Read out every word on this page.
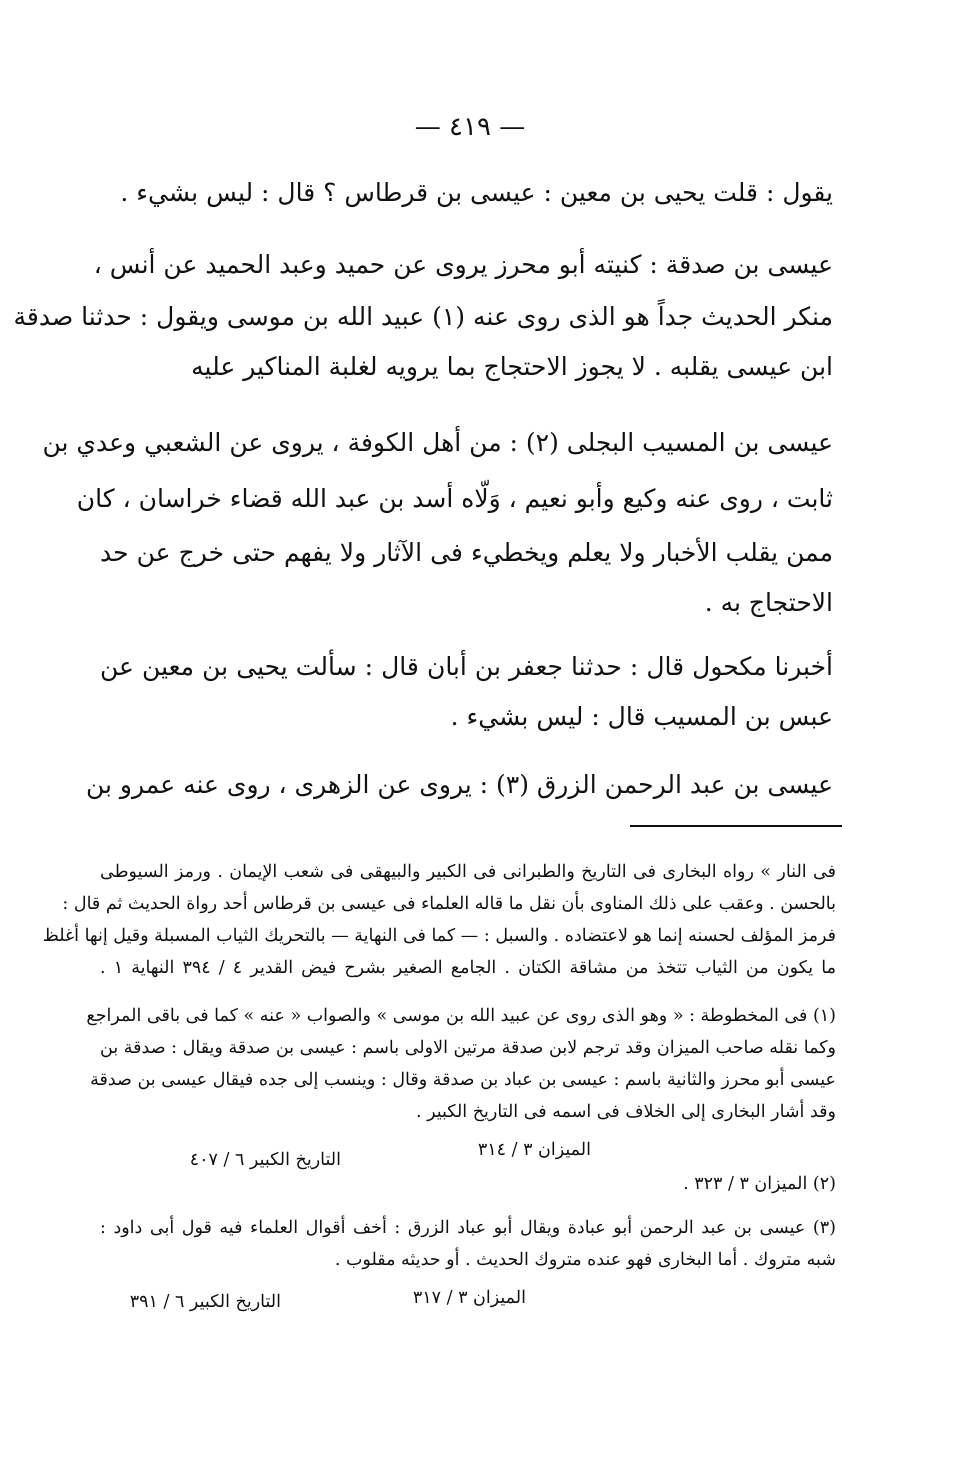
— ٤١٩ —
يقول : قلت يحيى بن معين : عيسى بن قرطاس ؟ قال : ليس بشيء .
عيسى بن صدقة : كنيته أبو محرز يروى عن حميد وعبد الحميد عن أنس ،
منكر الحديث جداً هو الذى روى عنه (١) عبيد الله بن موسى ويقول : حدثنا صدقة
ابن عيسى يقلبه . لا يجوز الاحتجاج بما يرويه لغلبة المناكير عليه
عيسى بن المسيب البجلى (٢) : من أهل الكوفة ، يروى عن الشعبي وعدي بن
ثابت ، روى عنه وكيع وأبو نعيم ، وَلّاه أسد بن عبد الله قضاء خراسان ، كان
ممن يقلب الأخبار ولا يعلم ويخطيء فى الآثار ولا يفهم حتى خرج عن حد
الاحتجاج به .
أخبرنا مكحول قال : حدثنا جعفر بن أبان قال : سألت يحيى بن معين عن
عبس بن المسيب قال : ليس بشيء .
عيسى بن عبد الرحمن الزرق (٣) : يروى عن الزهرى ، روى عنه عمرو بن
فى النار » رواه البخارى فى التاريخ والطبرانى فى الكبير والبيهقى فى شعب الإيمان . ورمز السيوطى
بالحسن . وعقب على ذلك المناوى بأن نقل ما قاله العلماء فى عيسى بن قرطاس أحد رواة الحديث ثم قال :
فرمز المؤلف لحسنه إنما هو لاعتضاده . والسبل : — كما فى النهاية — بالتحريك الثياب المسبلة وقيل إنها أغلظ
ما يكون من الثياب تتخذ من مشاقة الكتان . الجامع الصغير بشرح فيض القدير ٤ / ٣٩٤ النهاية ١ .
(١) فى المخطوطة : « وهو الذى روى عن عبيد الله بن موسى » والصواب « عنه » كما فى باقى المراجع
وكما نقله صاحب الميزان وقد ترجم لابن صدقة مرتين الاولى باسم : عيسى بن صدقة ويقال : صدقة بن
عيسى أبو محرز والثانية باسم : عيسى بن عباد بن صدقة وقال : وينسب إلى جده فيقال عيسى بن صدقة
وقد أشار البخارى إلى الخلاف فى اسمه فى التاريخ الكبير .
الميزان ٣ / ٣١٤
التاريخ الكبير ٦ / ٤٠٧
(٢) الميزان ٣ / ٣٢٣ .
(٣) عيسى بن عبد الرحمن أبو عبادة ويقال أبو عباد الزرق : أخف أقوال العلماء فيه قول أبى داود :
شبه متروك . أما البخارى فهو عنده متروك الحديث . أو حديثه مقلوب .
الميزان ٣ / ٣١٧
التاريخ الكبير ٦ / ٣٩١
